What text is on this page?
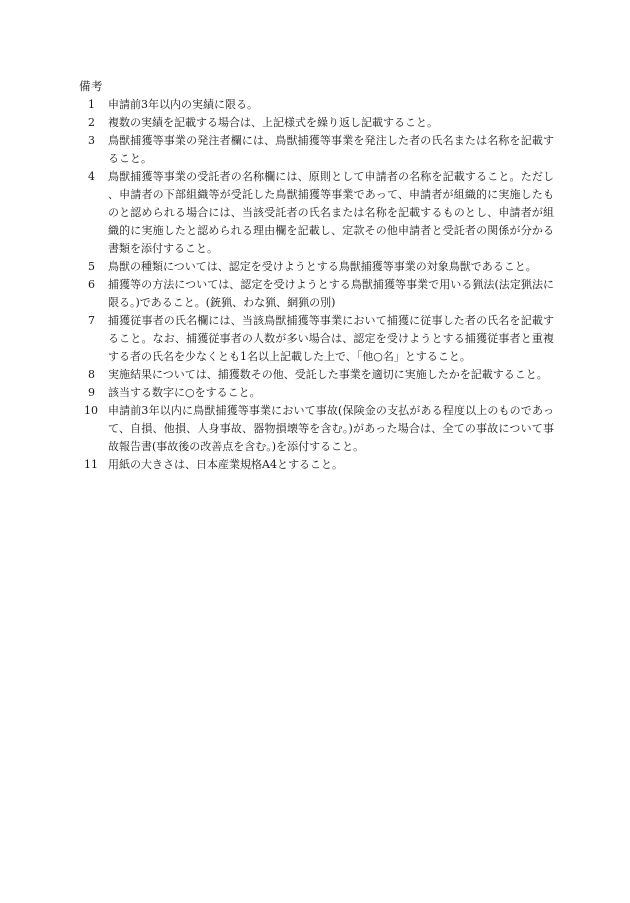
備考
1	申請前3年以内の実績に限る。
2	複数の実績を記載する場合は、上記様式を繰り返し記載すること。
3	鳥獣捕獲等事業の発注者欄には、鳥獣捕獲等事業を発注した者の氏名または名称を記載すること。
4	鳥獣捕獲等事業の受託者の名称欄には、原則として申請者の名称を記載すること。ただし、申請者の下部組織等が受託した鳥獣捕獲等事業であって、申請者が組織的に実施したものと認められる場合には、当該受託者の氏名または名称を記載するものとし、申請者が組織的に実施したと認められる理由欄を記載し、定款その他申請者と受託者の関係が分かる書類を添付すること。
5	鳥獣の種類については、認定を受けようとする鳥獣捕獲等事業の対象鳥獣であること。
6	捕獲等の方法については、認定を受けようとする鳥獣捕獲等事業で用いる猟法(法定猟法に限る。)であること。(銃猟、わな猟、網猟の別)
7	捕獲従事者の氏名欄には、当該鳥獣捕獲等事業において捕獲に従事した者の氏名を記載すること。なお、捕獲従事者の人数が多い場合は、認定を受けようとする捕獲従事者と重複する者の氏名を少なくとも1名以上記載した上で、「他○名」とすること。
8	実施結果については、捕獲数その他、受託した事業を適切に実施したかを記載すること。
9	該当する数字に○をすること。
10 申請前3年以内に鳥獣捕獲等事業において事故(保険金の支払がある程度以上のものであって、自損、他損、人身事故、器物損壊等を含む。)があった場合は、全ての事故について事故報告書(事故後の改善点を含む。)を添付すること。
11 用紙の大きさは、日本産業規格A4とすること。
